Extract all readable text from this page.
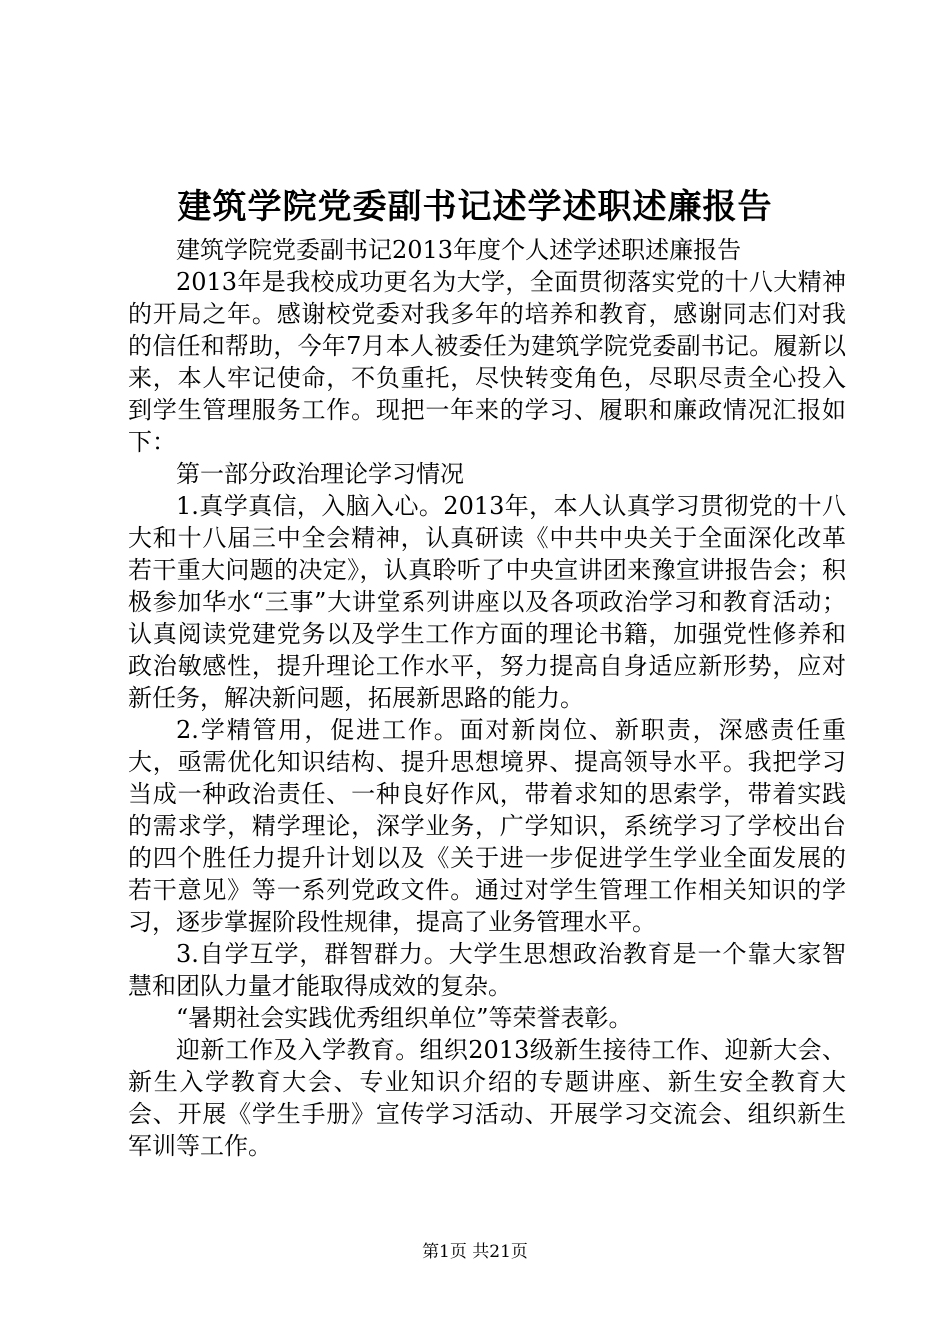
建筑学院党委副书记述学述职述廉报告

建筑学院党委副书记2013年度个人述学述职述廉报告

2013年是我校成功更名为大学，全面贯彻落实党的十八大精神的开局之年。感谢校党委对我多年的培养和教育，感谢同志们对我的信任和帮助，今年7月本人被委任为建筑学院党委副书记。履新以来，本人牢记使命，不负重托，尽快转变角色，尽职尽责全心投入到学生管理服务工作。现把一年来的学习、履职和廉政情况汇报如下：

第一部分政治理论学习情况

1.真学真信，入脑入心。2013年，本人认真学习贯彻党的十八大和十八届三中全会精神，认真研读《中共中央关于全面深化改革若干重大问题的决定》，认真聆听了中央宣讲团来豫宣讲报告会；积极参加华水“三事”大讲堂系列讲座以及各项政治学习和教育活动；认真阅读党建党务以及学生工作方面的理论书籍，加强党性修养和政治敏感性，提升理论工作水平，努力提高自身适应新形势，应对新任务，解决新问题，拓展新思路的能力。

2.学精管用，促进工作。面对新岗位、新职责，深感责任重大，亟需优化知识结构、提升思想境界、提高领导水平。我把学习当成一种政治责任、一种良好作风，带着求知的思索学，带着实践的需求学，精学理论，深学业务，广学知识，系统学习了学校出台的四个胜任力提升计划以及《关于进一步促进学生学业全面发展的若干意见》等一系列党政文件。通过对学生管理工作相关知识的学习，逐步掌握阶段性规律，提高了业务管理水平。

3.自学互学，群智群力。大学生思想政治教育是一个靠大家智慧和团队力量才能取得成效的复杂。

“暑期社会实践优秀组织单位”等荣誉表彰。

迎新工作及入学教育。组织2013级新生接待工作、迎新大会、新生入学教育大会、专业知识介绍的专题讲座、新生安全教育大会、开展《学生手册》宣传学习活动、开展学习交流会、组织新生军训等工作。

第1页 共21页
